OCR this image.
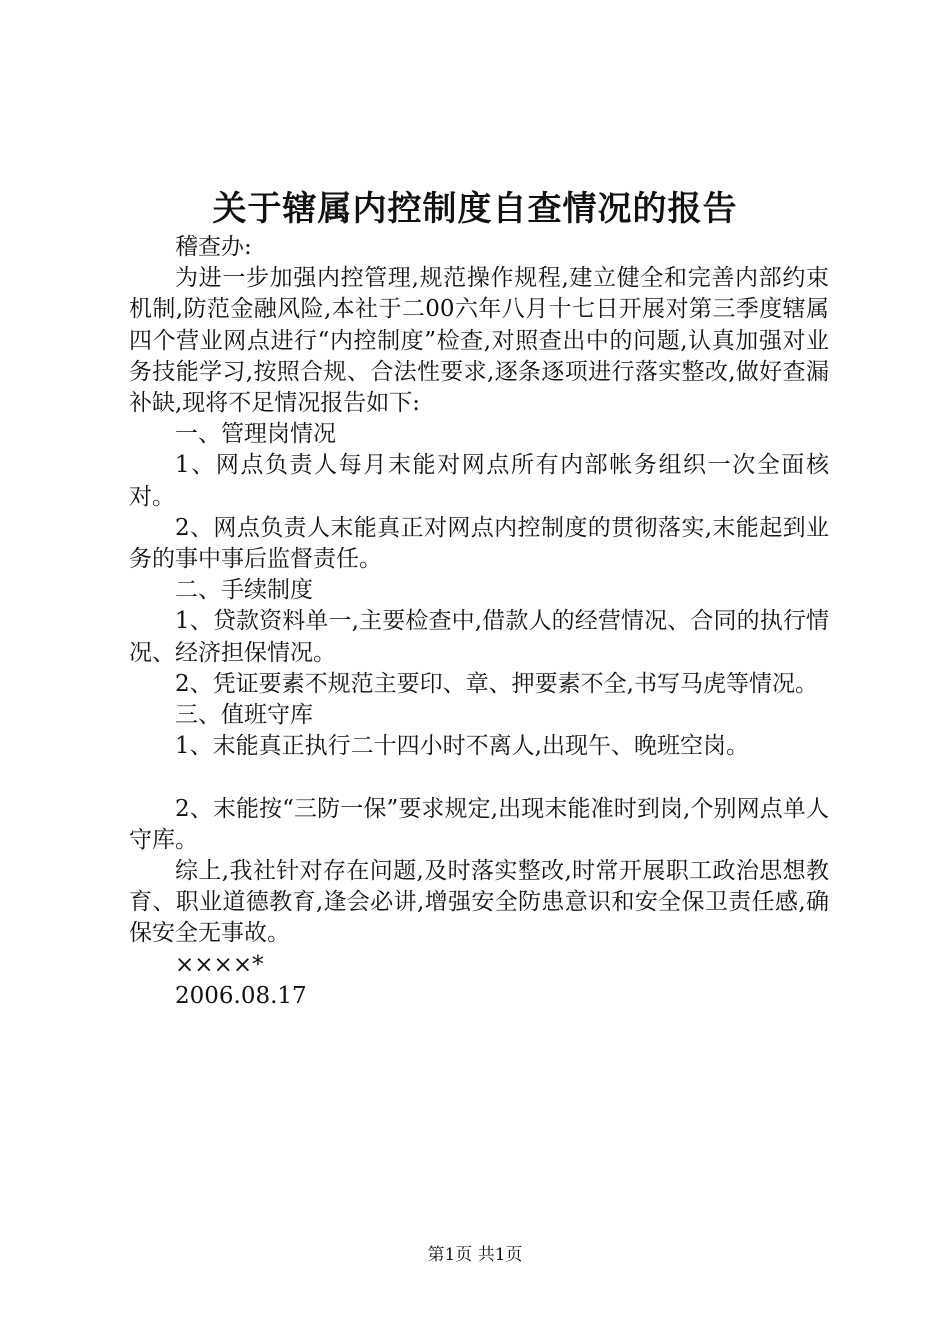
关于辖属内控制度自查情况的报告

稽查办:

为进一步加强内控管理,规范操作规程,建立健全和完善内部约束机制,防范金融风险,本社于二00六年八月十七日开展对第三季度辖属四个营业网点进行“内控制度”检查,对照查出中的问题,认真加强对业务技能学习,按照合规、合法性要求,逐条逐项进行落实整改,做好查漏补缺,现将不足情况报告如下:

一、管理岗情况

1、网点负责人每月末能对网点所有内部帐务组织一次全面核对。

2、网点负责人末能真正对网点内控制度的贯彻落实,末能起到业务的事中事后监督责任。

二、手续制度

1、贷款资料单一,主要检查中,借款人的经营情况、合同的执行情况、经济担保情况。

2、凭证要素不规范主要印、章、押要素不全,书写马虎等情况。

三、值班守库

1、末能真正执行二十四小时不离人,出现午、晚班空岗。

2、末能按“三防一保”要求规定,出现末能准时到岗,个别网点单人守库。

综上,我社针对存在问题,及时落实整改,时常开展职工政治思想教育、职业道德教育,逢会必讲,增强安全防患意识和安全保卫责任感,确保安全无事故。

××××*

2006.08.17

第1页 共1页
